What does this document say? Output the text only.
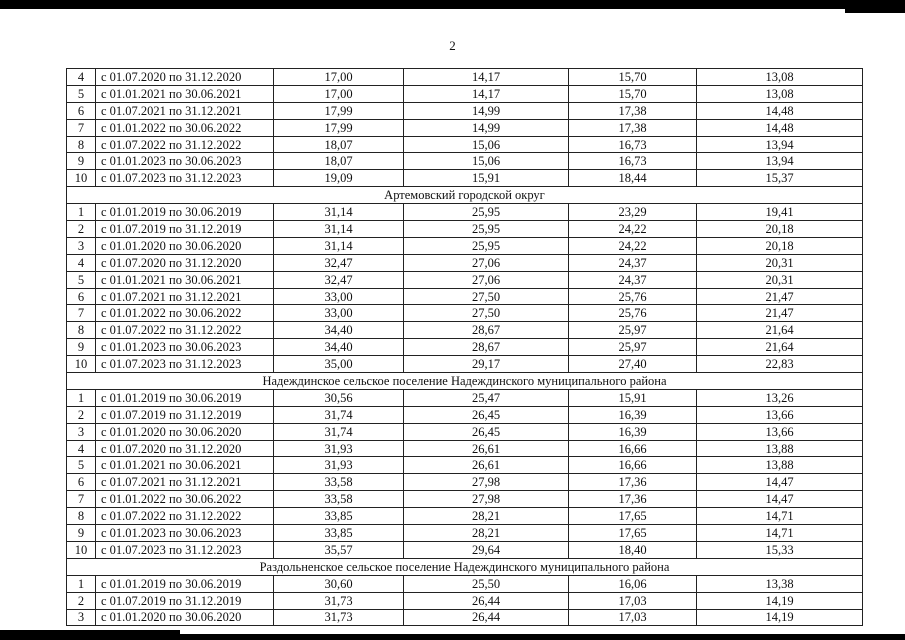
2
4	с 01.07.2020 по 31.12.2020	17,00	14,17	15,70	13,08
5	с 01.01.2021 по 30.06.2021	17,00	14,17	15,70	13,08
6	с 01.07.2021 по 31.12.2021	17,99	14,99	17,38	14,48
7	с 01.01.2022 по 30.06.2022	17,99	14,99	17,38	14,48
8	с 01.07.2022 по 31.12.2022	18,07	15,06	16,73	13,94
9	с 01.01.2023 по 30.06.2023	18,07	15,06	16,73	13,94
10	с 01.07.2023 по 31.12.2023	19,09	15,91	18,44	15,37
Артемовский городской округ					
1	с 01.01.2019 по 30.06.2019	31,14	25,95	23,29	19,41
2	с 01.07.2019 по 31.12.2019	31,14	25,95	24,22	20,18
3	с 01.01.2020 по 30.06.2020	31,14	25,95	24,22	20,18
4	с 01.07.2020 по 31.12.2020	32,47	27,06	24,37	20,31
5	с 01.01.2021 по 30.06.2021	32,47	27,06	24,37	20,31
6	с 01.07.2021 по 31.12.2021	33,00	27,50	25,76	21,47
7	с 01.01.2022 по 30.06.2022	33,00	27,50	25,76	21,47
8	с 01.07.2022 по 31.12.2022	34,40	28,67	25,97	21,64
9	с 01.01.2023 по 30.06.2023	34,40	28,67	25,97	21,64
10	с 01.07.2023 по 31.12.2023	35,00	29,17	27,40	22,83
Надеждинское сельское поселение Надеждинского муниципального района					
1	с 01.01.2019 по 30.06.2019	30,56	25,47	15,91	13,26
2	с 01.07.2019 по 31.12.2019	31,74	26,45	16,39	13,66
3	с 01.01.2020 по 30.06.2020	31,74	26,45	16,39	13,66
4	с 01.07.2020 по 31.12.2020	31,93	26,61	16,66	13,88
5	с 01.01.2021 по 30.06.2021	31,93	26,61	16,66	13,88
6	с 01.07.2021 по 31.12.2021	33,58	27,98	17,36	14,47
7	с 01.01.2022 по 30.06.2022	33,58	27,98	17,36	14,47
8	с 01.07.2022 по 31.12.2022	33,85	28,21	17,65	14,71
9	с 01.01.2023 по 30.06.2023	33,85	28,21	17,65	14,71
10	с 01.07.2023 по 31.12.2023	35,57	29,64	18,40	15,33
Раздольненское сельское поселение Надеждинского муниципального района					
1	с 01.01.2019 по 30.06.2019	30,60	25,50	16,06	13,38
2	с 01.07.2019 по 31.12.2019	31,73	26,44	17,03	14,19
3	с 01.01.2020 по 30.06.2020	31,73	26,44	17,03	14,19
